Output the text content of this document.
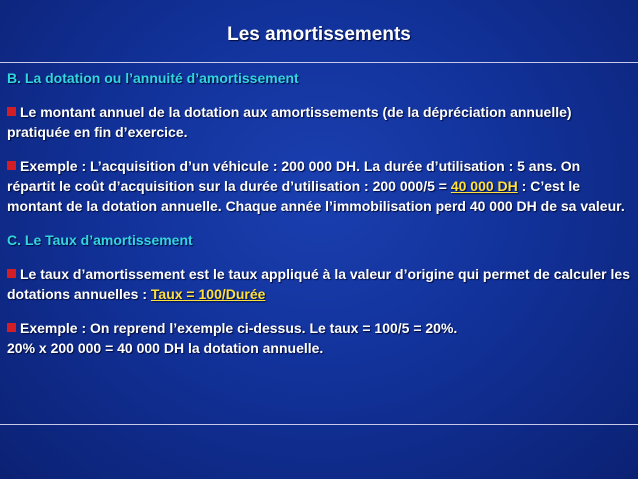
Les amortissements
B. La dotation ou l’annuité d’amortissement
Le montant annuel de la dotation aux amortissements (de la dépréciation annuelle) pratiquée en fin d’exercice.
Exemple : L’acquisition d’un véhicule : 200 000 DH. La durée d’utilisation : 5 ans. On répartit le coût d’acquisition sur la durée d’utilisation : 200 000/5 = 40 000 DH : C’est le montant de la dotation annuelle. Chaque année l’immobilisation perd 40 000 DH de sa valeur.
C. Le Taux d’amortissement
Le taux d’amortissement est le taux appliqué à la valeur d’origine qui permet de calculer les dotations annuelles : Taux = 100/Durée
Exemple : On reprend l’exemple ci-dessus. Le taux = 100/5 = 20%.
20% x 200 000 = 40 000 DH la dotation annuelle.
